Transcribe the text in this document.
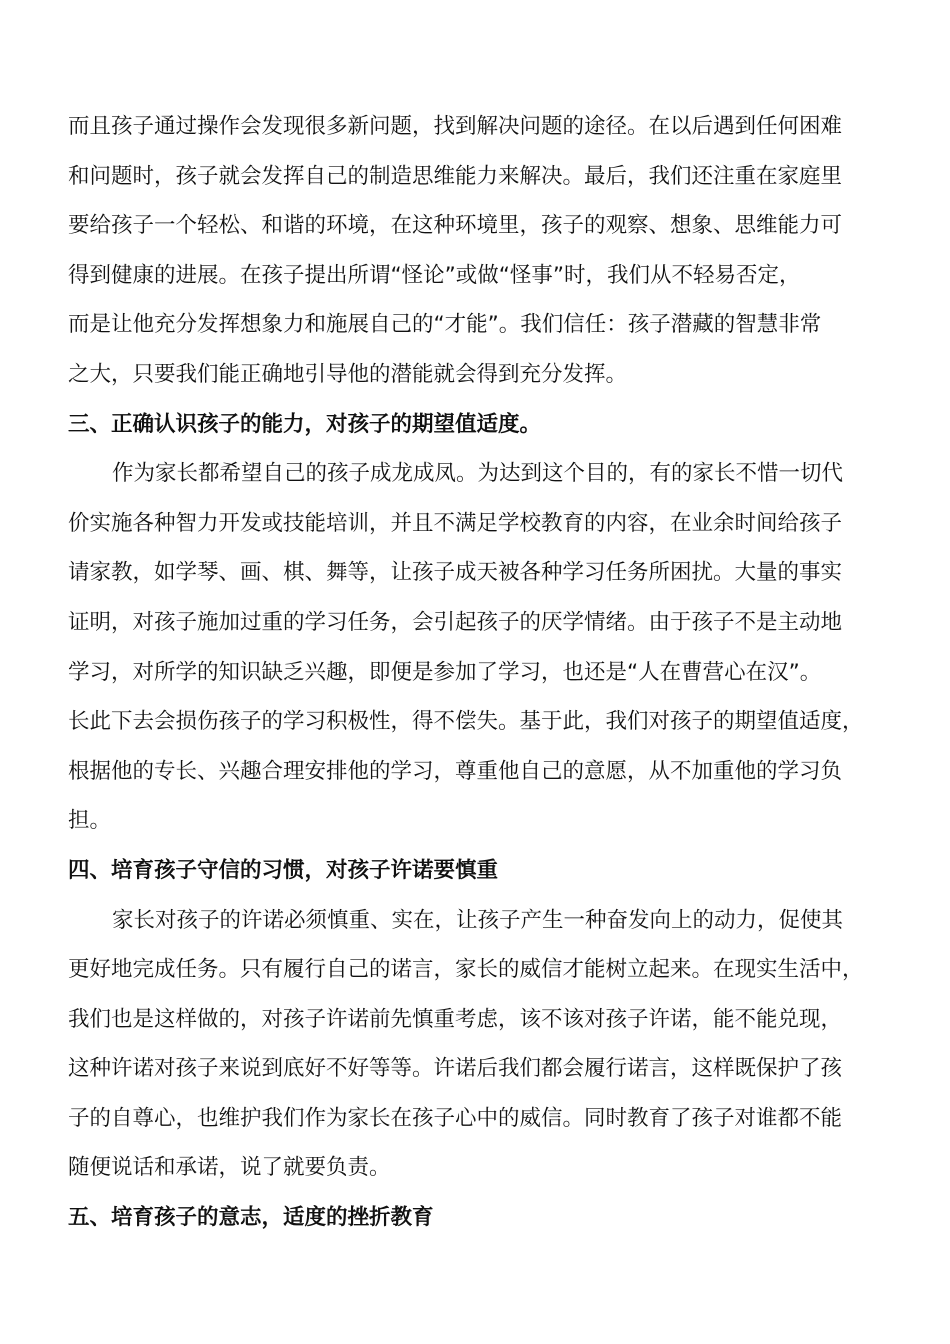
而且孩子通过操作会发现很多新问题，找到解决问题的途径。在以后遇到任何困难
和问题时，孩子就会发挥自己的制造思维能力来解决。最后，我们还注重在家庭里
要给孩子一个轻松、和谐的环境，在这种环境里，孩子的观察、想象、思维能力可
得到健康的进展。在孩子提出所谓“怪论”或做“怪事”时，我们从不轻易否定，
而是让他充分发挥想象力和施展自己的“才能”。我们信任：孩子潜藏的智慧非常
之大，只要我们能正确地引导他的潜能就会得到充分发挥。

三、正确认识孩子的能力，对孩子的期望值适度。

作为家长都希望自己的孩子成龙成凤。为达到这个目的，有的家长不惜一切代
价实施各种智力开发或技能培训，并且不满足学校教育的内容，在业余时间给孩子
请家教，如学琴、画、棋、舞等，让孩子成天被各种学习任务所困扰。大量的事实
证明，对孩子施加过重的学习任务，会引起孩子的厌学情绪。由于孩子不是主动地
学习，对所学的知识缺乏兴趣，即便是参加了学习，也还是“人在曹营心在汉”。
长此下去会损伤孩子的学习积极性，得不偿失。基于此，我们对孩子的期望值适度，
根据他的专长、兴趣合理安排他的学习，尊重他自己的意愿，从不加重他的学习负
担。

四、培育孩子守信的习惯，对孩子许诺要慎重

家长对孩子的许诺必须慎重、实在，让孩子产生一种奋发向上的动力，促使其
更好地完成任务。只有履行自己的诺言，家长的威信才能树立起来。在现实生活中，
我们也是这样做的，对孩子许诺前先慎重考虑，该不该对孩子许诺，能不能兑现，
这种许诺对孩子来说到底好不好等等。许诺后我们都会履行诺言，这样既保护了孩
子的自尊心，也维护我们作为家长在孩子心中的威信。同时教育了孩子对谁都不能
随便说话和承诺，说了就要负责。

五、培育孩子的意志，适度的挫折教育
